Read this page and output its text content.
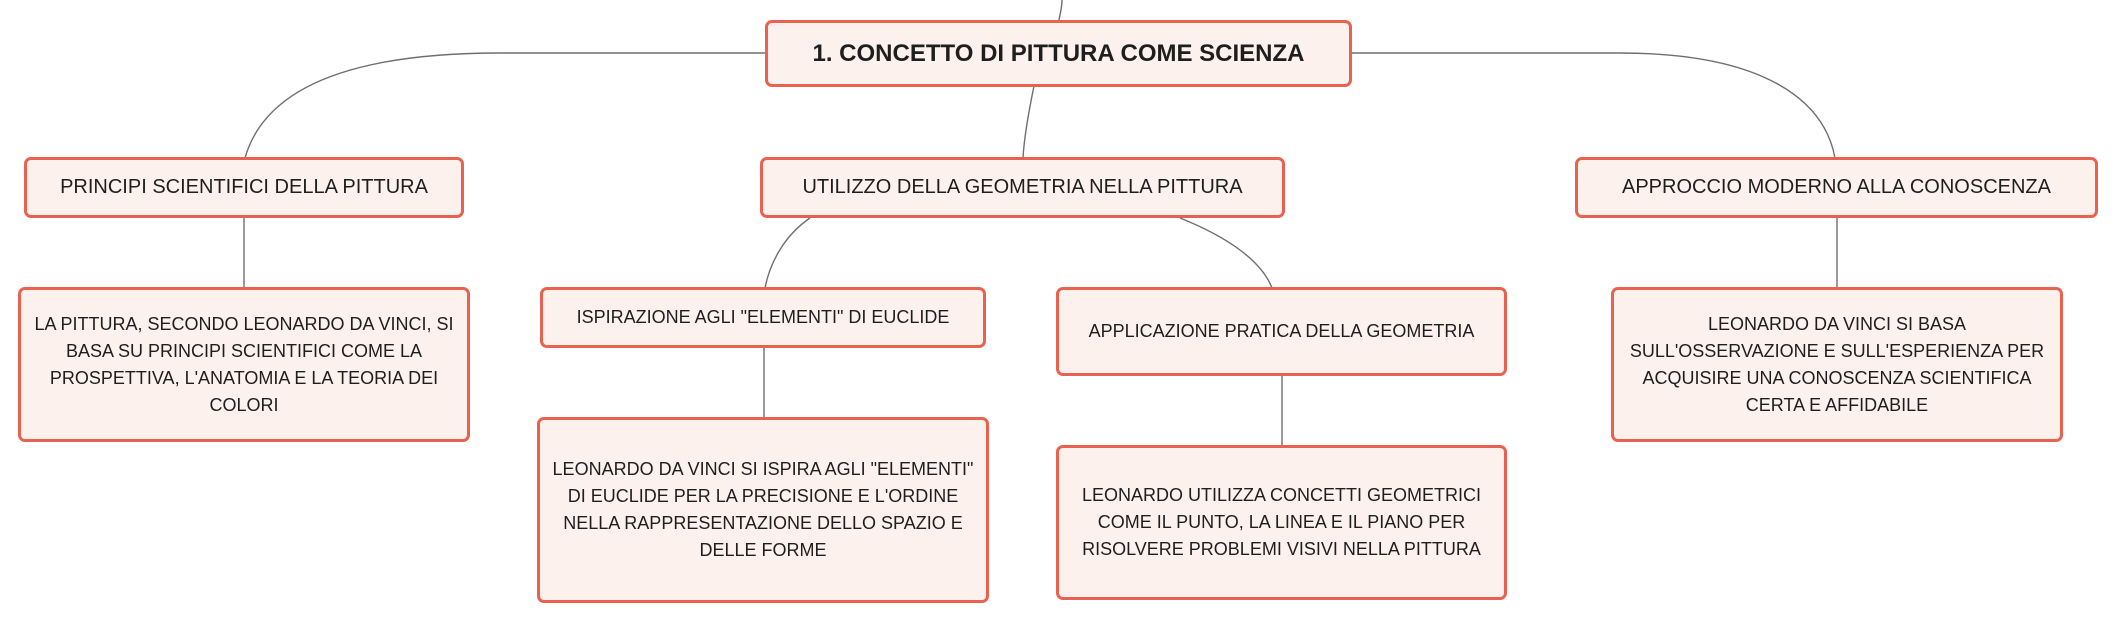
1. CONCETTO DI PITTURA COME SCIENZA
PRINCIPI SCIENTIFICI DELLA PITTURA	UTILIZZO DELLA GEOMETRIA NELLA PITTURA	APPROCCIO MODERNO ALLA CONOSCENZA
LA PITTURA, SECONDO LEONARDO DA VINCI, SI BASA SU PRINCIPI SCIENTIFICI COME LA PROSPETTIVA, L'ANATOMIA E LA TEORIA DEI COLORI
ISPIRAZIONE AGLI "ELEMENTI" DI EUCLIDE
APPLICAZIONE PRATICA DELLA GEOMETRIA	LEONARDO DA VINCI SI BASA SULL'OSSERVAZIONE E SULL'ESPERIENZA PER ACQUISIRE UNA CONOSCENZA SCIENTIFICA CERTA E AFFIDABILE
LEONARDO DA VINCI SI ISPIRA AGLI "ELEMENTI" DI EUCLIDE PER LA PRECISIONE E L'ORDINE NELLA RAPPRESENTAZIONE DELLO SPAZIO E DELLE FORME
LEONARDO UTILIZZA CONCETTI GEOMETRICI COME IL PUNTO, LA LINEA E IL PIANO PER RISOLVERE PROBLEMI VISIVI NELLA PITTURA
